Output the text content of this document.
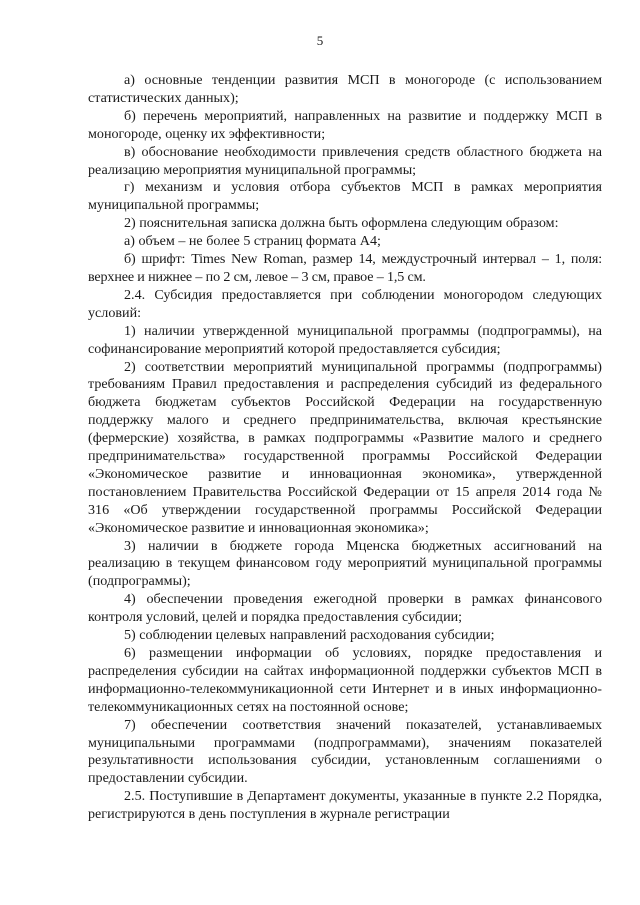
5

а) основные тенденции развития МСП в моногороде (с использованием статистических данных);

б) перечень мероприятий, направленных на развитие и поддержку МСП в моногороде, оценку их эффективности;

в) обоснование необходимости привлечения средств областного бюджета на реализацию мероприятия муниципальной программы;

г) механизм и условия отбора субъектов МСП в рамках мероприятия муниципальной программы;

2) пояснительная записка должна быть оформлена следующим образом:

а) объем – не более 5 страниц формата А4;

б) шрифт: Times New Roman, размер 14, междустрочный интервал – 1, поля: верхнее и нижнее – по 2 см, левое – 3 см, правое – 1,5 см.

2.4. Субсидия предоставляется при соблюдении моногородом следующих условий:

1) наличии утвержденной муниципальной программы (подпрограммы), на софинансирование мероприятий которой предоставляется субсидия;

2) соответствии мероприятий муниципальной программы (подпрограммы) требованиям Правил предоставления и распределения субсидий из федерального бюджета бюджетам субъектов Российской Федерации на государственную поддержку малого и среднего предпринимательства, включая крестьянские (фермерские) хозяйства, в рамках подпрограммы «Развитие малого и среднего предпринимательства» государственной программы Российской Федерации «Экономическое развитие и инновационная экономика», утвержденной постановлением Правительства Российской Федерации от 15 апреля 2014 года № 316 «Об утверждении государственной программы Российской Федерации «Экономическое развитие и инновационная экономика»;

3) наличии в бюджете города Мценска бюджетных ассигнований на реализацию в текущем финансовом году мероприятий муниципальной программы (подпрограммы);

4) обеспечении проведения ежегодной проверки в рамках финансового контроля условий, целей и порядка предоставления субсидии;

5) соблюдении целевых направлений расходования субсидии;

6) размещении информации об условиях, порядке предоставления и распределения субсидии на сайтах информационной поддержки субъектов МСП в информационно-телекоммуникационной сети Интернет и в иных информационно-телекоммуникационных сетях на постоянной основе;

7) обеспечении соответствия значений показателей, устанавливаемых муниципальными программами (подпрограммами), значениям показателей результативности использования субсидии, установленным соглашениями о предоставлении субсидии.

2.5. Поступившие в Департамент документы, указанные в пункте 2.2 Порядка, регистрируются в день поступления в журнале регистрации
